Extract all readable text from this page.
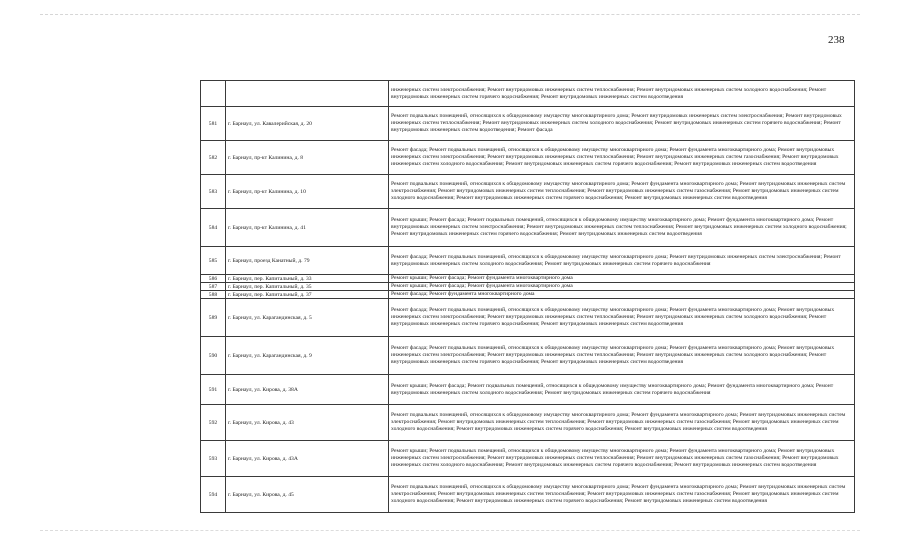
238
		инженерных систем электроснабжения; Ремонт внутридомовых инженерных систем теплоснабжения; Ремонт внутридомовых инженерных систем холодного водоснабжения; Ремонт внутридомовых инженерных систем горячего водоснабжения; Ремонт внутридомовых инженерных систем водоотведения
581	г. Барнаул, ул. Кавалерийская, д. 20	Ремонт подвальных помещений, относящихся к общедомовому имуществу многоквартирного дома; Ремонт внутридомовых инженерных систем электроснабжения; Ремонт внутридомовых инженерных систем теплоснабжения; Ремонт внутридомовых инженерных систем холодного водоснабжения; Ремонт внутридомовых инженерных систем горячего водоснабжения; Ремонт внутридомовых инженерных систем водоотведения; Ремонт фасада
582	г. Барнаул, пр-кт Калинина, д. 8	Ремонт фасада; Ремонт подвальных помещений, относящихся к общедомовому имуществу многоквартирного дома; Ремонт фундамента многоквартирного дома; Ремонт внутридомовых инженерных систем электроснабжения; Ремонт внутридомовых инженерных систем теплоснабжения; Ремонт внутридомовых инженерных систем газоснабжения; Ремонт внутридомовых инженерных систем холодного водоснабжения; Ремонт внутридомовых инженерных систем горячего водоснабжения; Ремонт внутридомовых инженерных систем водоотведения
583	г. Барнаул, пр-кт Калинина, д. 10	Ремонт подвальных помещений, относящихся к общедомовому имуществу многоквартирного дома; Ремонт фундамента многоквартирного дома; Ремонт внутридомовых инженерных систем электроснабжения; Ремонт внутридомовых инженерных систем теплоснабжения; Ремонт внутридомовых инженерных систем газоснабжения; Ремонт внутридомовых инженерных систем холодного водоснабжения; Ремонт внутридомовых инженерных систем горячего водоснабжения; Ремонт внутридомовых инженерных систем водоотведения
584	г. Барнаул, пр-кт Калинина, д. 41	Ремонт крыши; Ремонт фасада; Ремонт подвальных помещений, относящихся к общедомовому имуществу многоквартирного дома; Ремонт фундамента многоквартирного дома; Ремонт внутридомовых инженерных систем электроснабжения; Ремонт внутридомовых инженерных систем теплоснабжения; Ремонт внутридомовых инженерных систем холодного водоснабжения; Ремонт внутридомовых инженерных систем горячего водоснабжения; Ремонт внутридомовых инженерных систем водоотведения
585	г. Барнаул, проезд Канатный, д. 79	Ремонт фасада; Ремонт подвальных помещений, относящихся к общедомовому имуществу многоквартирного дома; Ремонт внутридомовых инженерных систем электроснабжения; Ремонт внутридомовых инженерных систем холодного водоснабжения; Ремонт внутридомовых инженерных систем горячего водоснабжения
586	г. Барнаул, пер. Капитальный, д. 33	Ремонт крыши; Ремонт фасада; Ремонт фундамента многоквартирного дома
587	г. Барнаул, пер. Капитальный, д. 35	Ремонт крыши; Ремонт фасада; Ремонт фундамента многоквартирного дома
588	г. Барнаул, пер. Капитальный, д. 37	Ремонт фасада; Ремонт фундамента многоквартирного дома
589	г. Барнаул, ул. Карагандинская, д. 5	Ремонт фасада; Ремонт подвальных помещений, относящихся к общедомовому имуществу многоквартирного дома; Ремонт фундамента многоквартирного дома; Ремонт внутридомовых инженерных систем электроснабжения; Ремонт внутридомовых инженерных систем теплоснабжения; Ремонт внутридомовых инженерных систем холодного водоснабжения; Ремонт внутридомовых инженерных систем горячего водоснабжения; Ремонт внутридомовых инженерных систем водоотведения
590	г. Барнаул, ул. Карагандинская, д. 9	Ремонт фасада; Ремонт подвальных помещений, относящихся к общедомовому имуществу многоквартирного дома; Ремонт фундамента многоквартирного дома; Ремонт внутридомовых инженерных систем электроснабжения; Ремонт внутридомовых инженерных систем теплоснабжения; Ремонт внутридомовых инженерных систем холодного водоснабжения; Ремонт внутридомовых инженерных систем горячего водоснабжения; Ремонт внутридомовых инженерных систем водоотведения
591	г. Барнаул, ул. Кирова, д. 38А	Ремонт крыши; Ремонт фасада; Ремонт подвальных помещений, относящихся к общедомовому имуществу многоквартирного дома; Ремонт фундамента многоквартирного дома; Ремонт внутридомовых инженерных систем холодного водоснабжения; Ремонт внутридомовых инженерных систем горячего водоснабжения
592	г. Барнаул, ул. Кирова, д. 43	Ремонт подвальных помещений, относящихся к общедомовому имуществу многоквартирного дома; Ремонт фундамента многоквартирного дома; Ремонт внутридомовых инженерных систем электроснабжения; Ремонт внутридомовых инженерных систем теплоснабжения; Ремонт внутридомовых инженерных систем газоснабжения; Ремонт внутридомовых инженерных систем холодного водоснабжения; Ремонт внутридомовых инженерных систем горячего водоснабжения; Ремонт внутридомовых инженерных систем водоотведения
593	г. Барнаул, ул. Кирова, д. 43А	Ремонт крыши; Ремонт подвальных помещений, относящихся к общедомовому имуществу многоквартирного дома; Ремонт фундамента многоквартирного дома; Ремонт внутридомовых инженерных систем электроснабжения; Ремонт внутридомовых инженерных систем теплоснабжения; Ремонт внутридомовых инженерных систем газоснабжения; Ремонт внутридомовых инженерных систем холодного водоснабжения; Ремонт внутридомовых инженерных систем горячего водоснабжения; Ремонт внутридомовых инженерных систем водоотведения
594	г. Барнаул, ул. Кирова, д. 45	Ремонт подвальных помещений, относящихся к общедомовому имуществу многоквартирного дома; Ремонт фундамента многоквартирного дома; Ремонт внутридомовых инженерных систем электроснабжения; Ремонт внутридомовых инженерных систем теплоснабжения; Ремонт внутридомовых инженерных систем газоснабжения; Ремонт внутридомовых инженерных систем холодного водоснабжения; Ремонт внутридомовых инженерных систем горячего водоснабжения; Ремонт внутридомовых инженерных систем водоотведения
